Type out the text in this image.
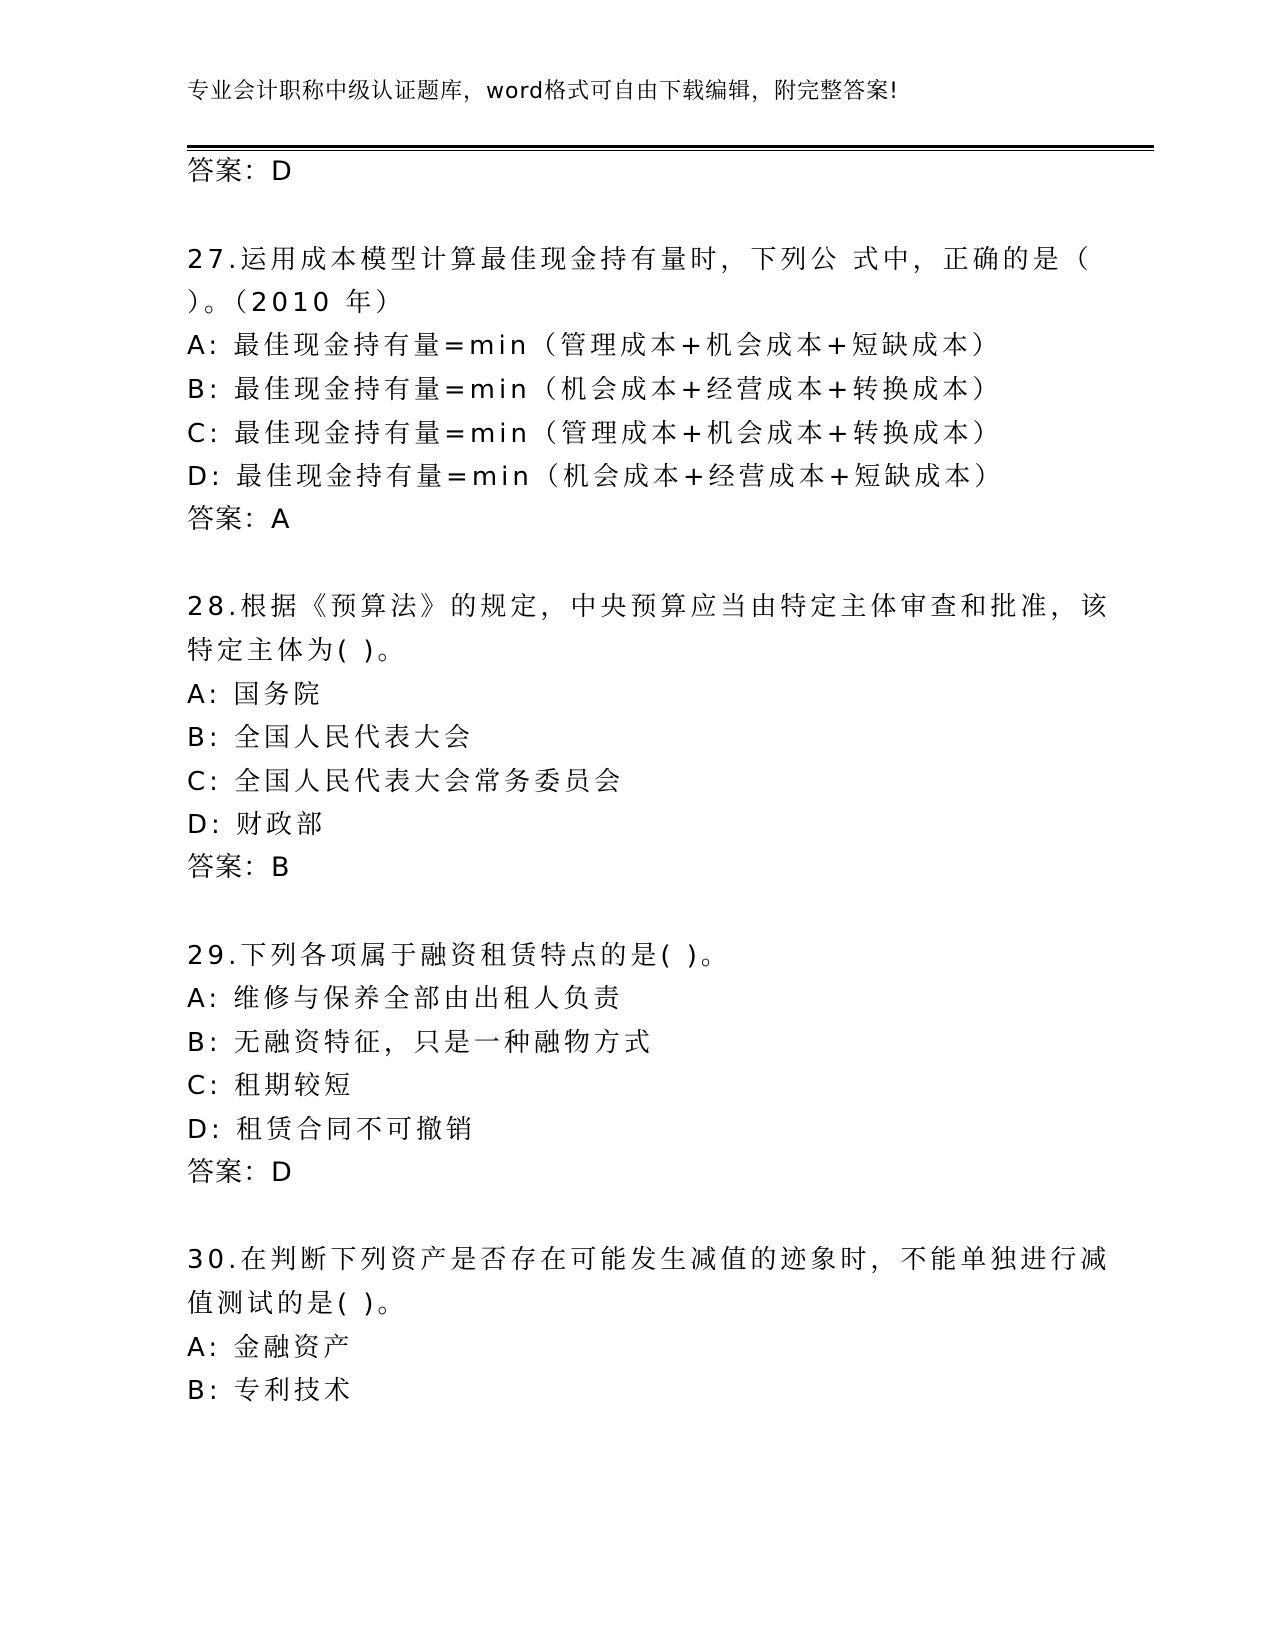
专业会计职称中级认证题库，word格式可自由下载编辑，附完整答案!
答案：D
27.运用成本模型计算最佳现金持有量时，下列公 式中，正确的是（
）。（2010 年）
A: 最佳现金持有量=min（管理成本+机会成本+短缺成本）
B: 最佳现金持有量=min（机会成本+经营成本+转换成本）
C: 最佳现金持有量=min（管理成本+机会成本+转换成本）
D: 最佳现金持有量=min（机会成本+经营成本+短缺成本）
答案：A
28.根据《预算法》的规定，中央预算应当由特定主体审查和批准，该
特定主体为( )。
A: 国务院
B: 全国人民代表大会
C: 全国人民代表大会常务委员会
D: 财政部
答案：B
29.下列各项属于融资租赁特点的是( )。
A: 维修与保养全部由出租人负责
B: 无融资特征，只是一种融物方式
C: 租期较短
D: 租赁合同不可撤销
答案：D
30.在判断下列资产是否存在可能发生减值的迹象时，不能单独进行减
值测试的是( )。
A: 金融资产
B: 专利技术
